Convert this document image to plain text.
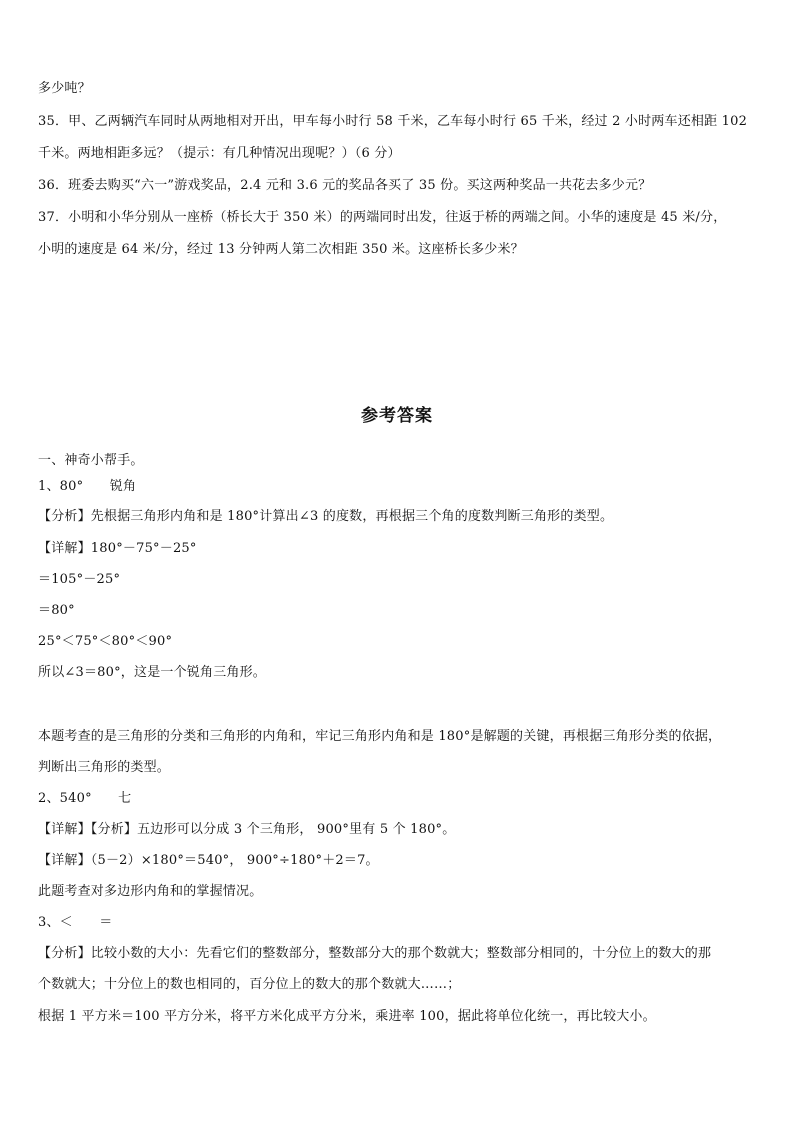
多少吨？
35．甲、乙两辆汽车同时从两地相对开出，甲车每小时行 58 千米，乙车每小时行 65 千米，经过 2 小时两车还相距 102
千米。两地相距多远？（提示：有几种情况出现呢？）（6 分）
36．班委去购买“六一”游戏奖品，2.4 元和 3.6 元的奖品各买了 35 份。买这两种奖品一共花去多少元？
37．小明和小华分别从一座桥（桥长大于 350 米）的两端同时出发，往返于桥的两端之间。小华的速度是 45 米/分，
小明的速度是 64 米/分，经过 13 分钟两人第二次相距 350 米。这座桥长多少米？
参考答案
一、神奇小帮手。
1、80°　　锐角
【分析】先根据三角形内角和是 180°计算出∠3 的度数，再根据三个角的度数判断三角形的类型。
【详解】180°－75°－25°
＝105°－25°
＝80°
25°＜75°＜80°＜90°
所以∠3＝80°，这是一个锐角三角形。
本题考查的是三角形的分类和三角形的内角和，牢记三角形内角和是 180°是解题的关键，再根据三角形分类的依据，
判断出三角形的类型。
2、540°　　七
【详解】【分析】五边形可以分成 3 个三角形， 900°里有 5 个 180°。
【详解】（5－2）×180°＝540°， 900°÷180°＋2＝7。
此题考查对多边形内角和的掌握情况。
3、＜　　＝
【分析】比较小数的大小：先看它们的整数部分，整数部分大的那个数就大；整数部分相同的，十分位上的数大的那
个数就大；十分位上的数也相同的，百分位上的数大的那个数就大……；
根据 1 平方米＝100 平方分米，将平方米化成平方分米，乘进率 100，据此将单位化统一，再比较大小。
